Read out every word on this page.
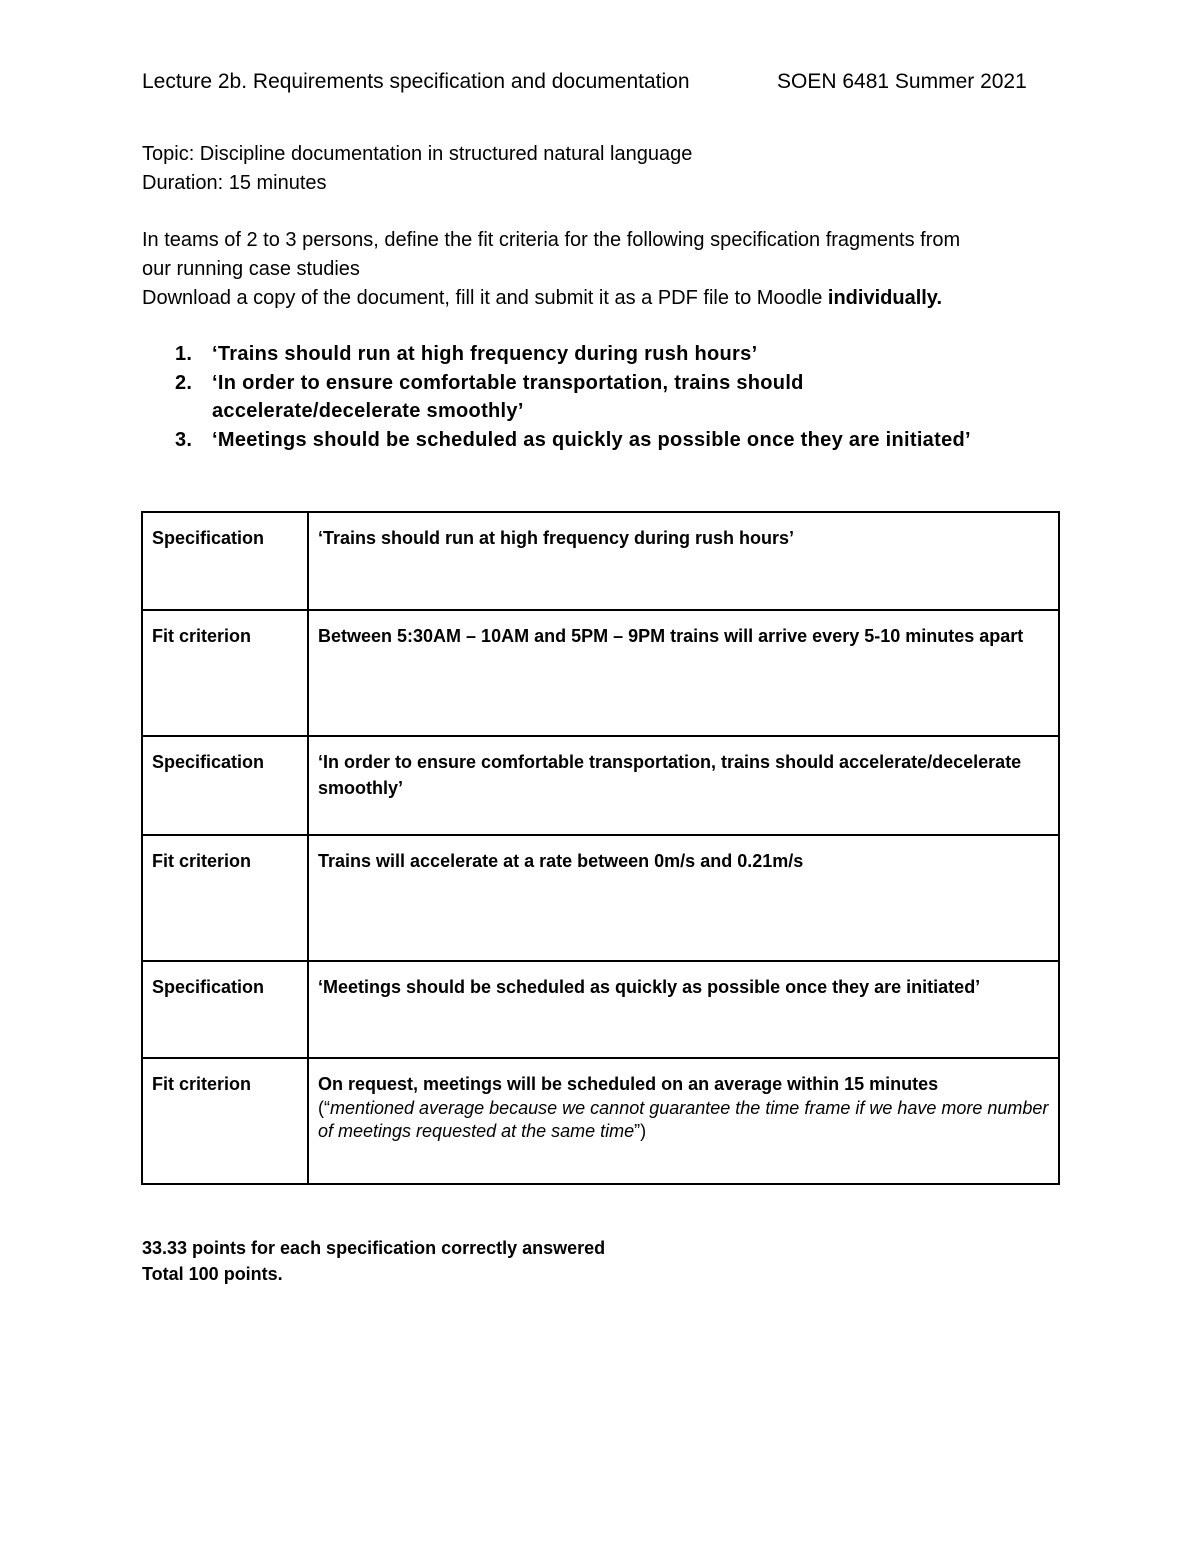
Lecture 2b. Requirements specification and documentation	SOEN 6481 Summer 2021
Topic: Discipline documentation in structured natural language
Duration: 15 minutes
In teams of 2 to 3 persons, define the fit criteria for the following specification fragments from
our running case studies
Download a copy of the document, fill it and submit it as a PDF file to Moodle individually.
1. ‘Trains should run at high frequency during rush hours’
2. ‘In order to ensure comfortable transportation, trains should
accelerate/decelerate smoothly’
3. ‘Meetings should be scheduled as quickly as possible once they are initiated’
Specification	‘Trains should run at high frequency during rush hours’
Fit criterion	Between 5:30AM – 10AM and 5PM – 9PM trains will arrive every 5-10 minutes apart
Specification	‘In order to ensure comfortable transportation, trains should accelerate/decelerate smoothly’
Fit criterion	Trains will accelerate at a rate between 0m/s and 0.21m/s
Specification	‘Meetings should be scheduled as quickly as possible once they are initiated’
Fit criterion	On request, meetings will be scheduled on an average within 15 minutes
(“mentioned average because we cannot guarantee the time frame if we have more number of meetings requested at the same time”)
33.33 points for each specification correctly answered
Total 100 points.
